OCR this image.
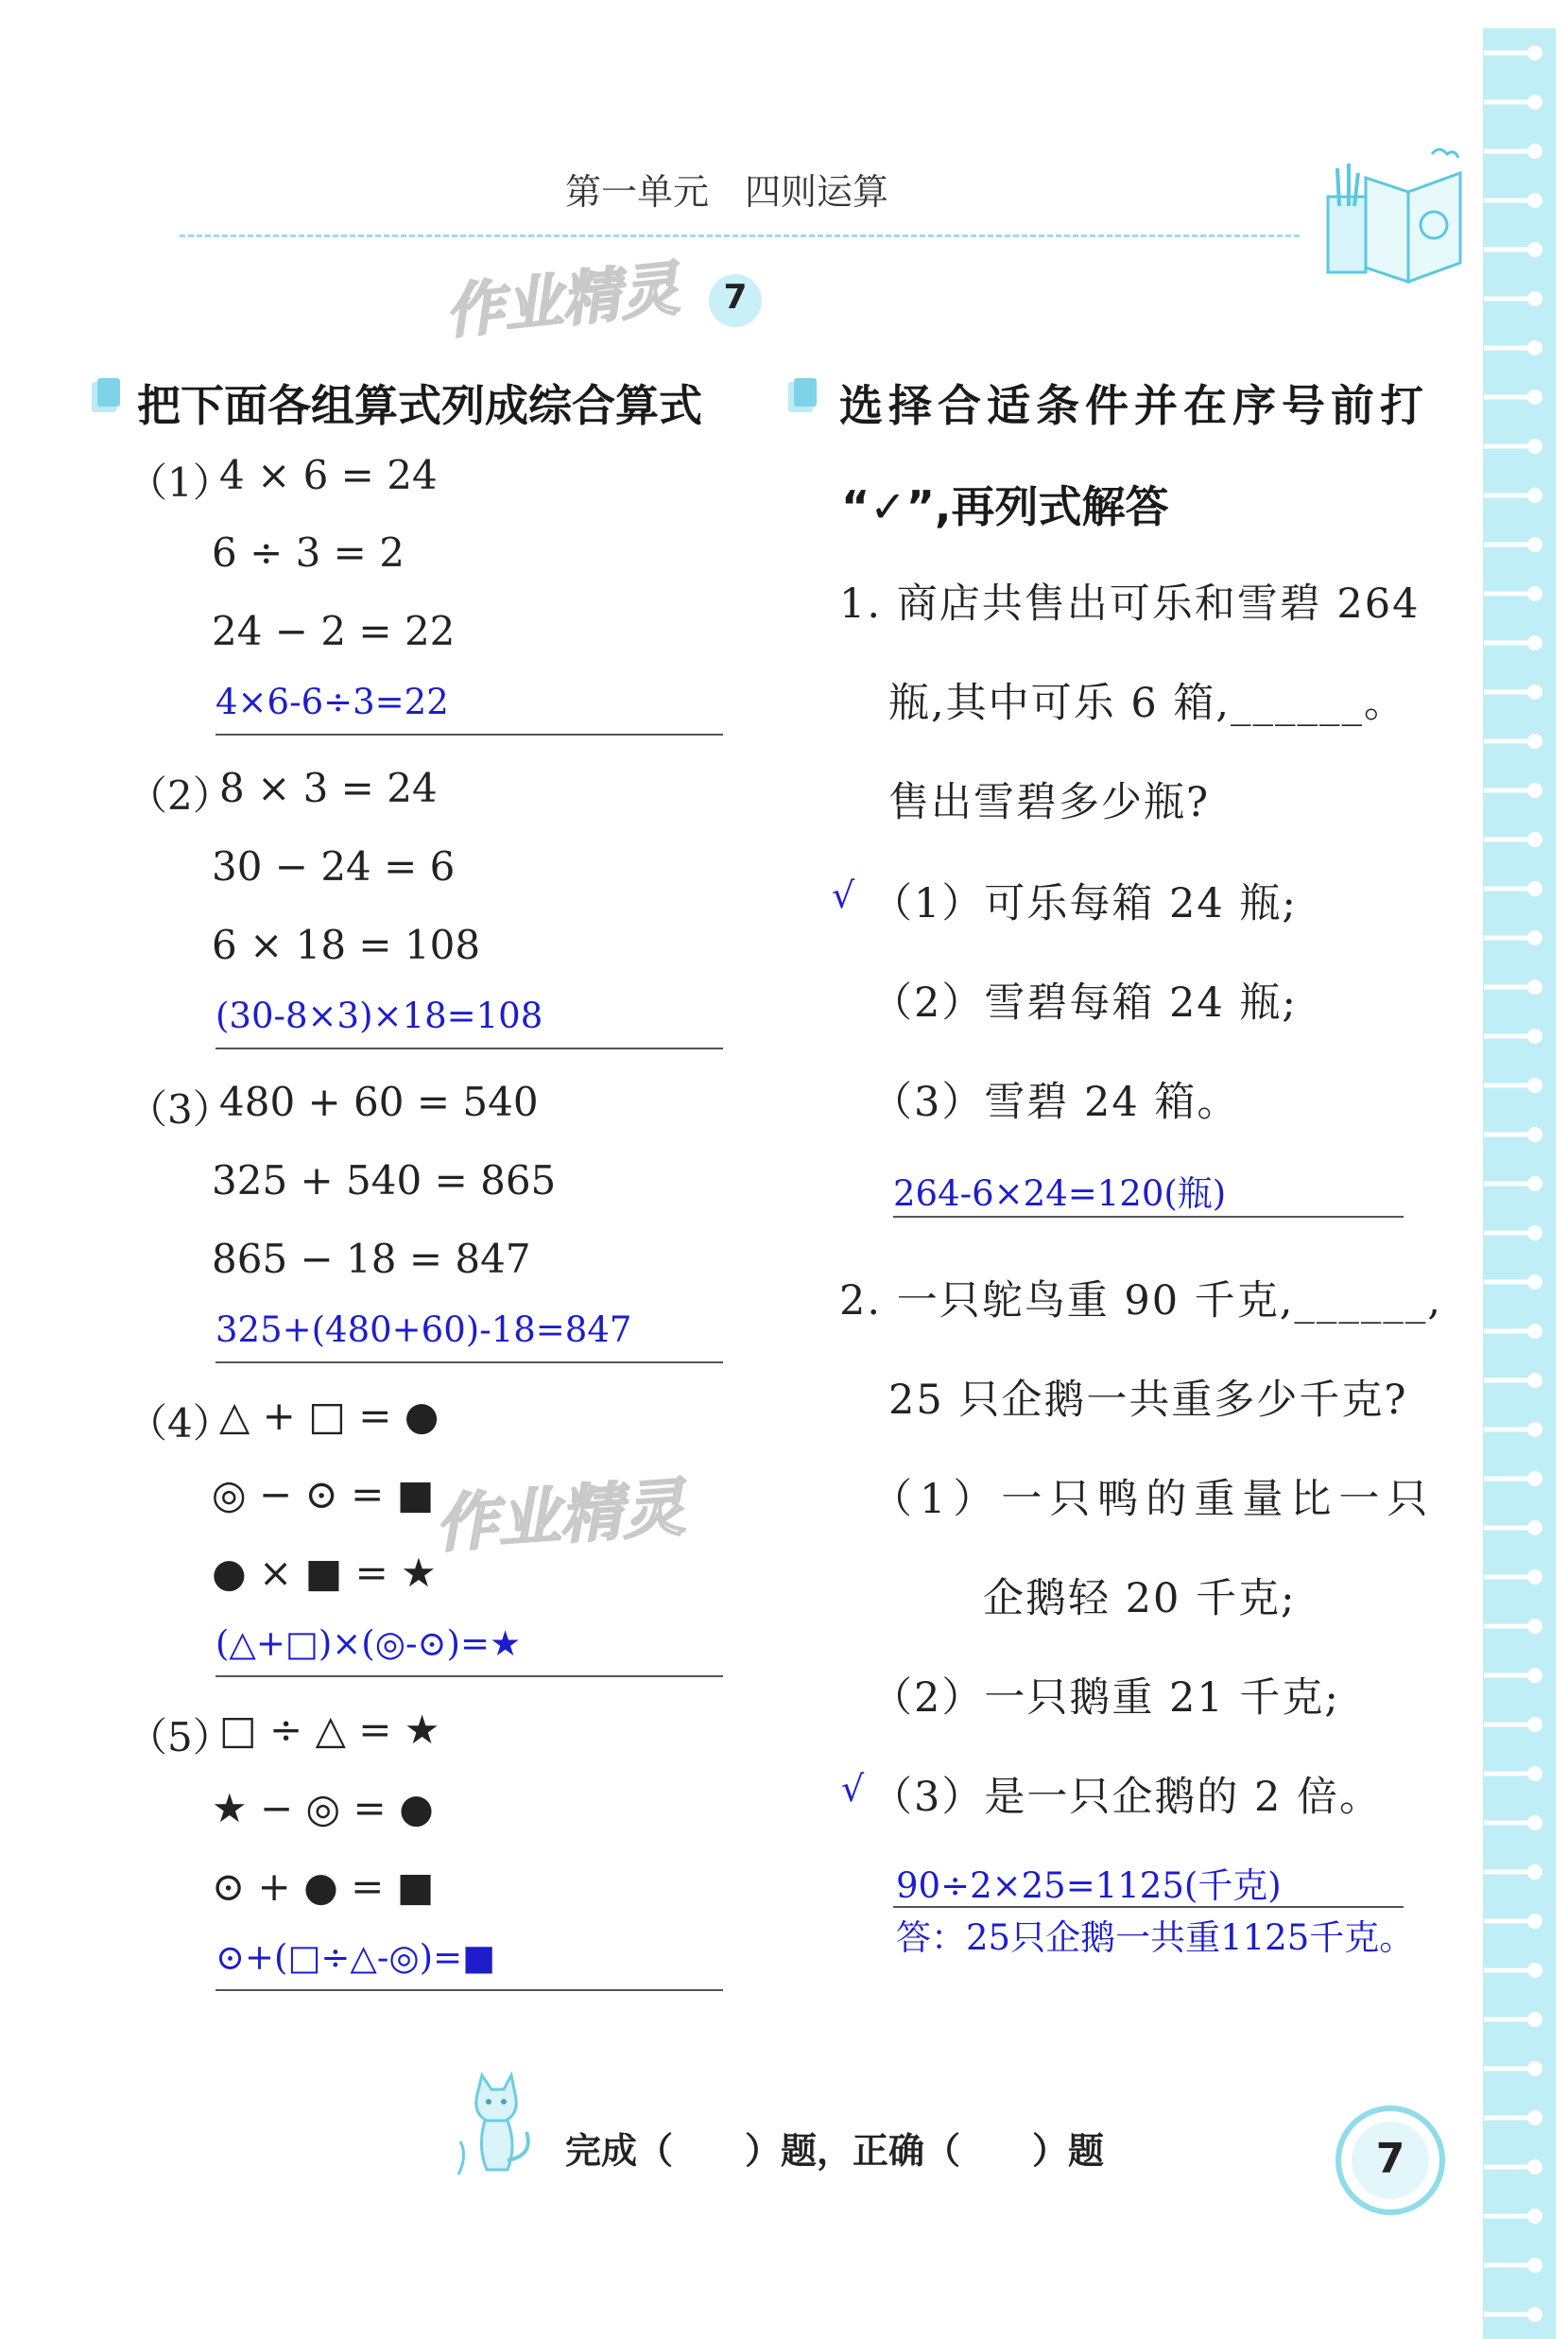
第一单元　四则运算
作业精灵	7
把下面各组算式列成综合算式
（1）
4 × 6 = 24
6 ÷ 3 = 2
24 − 2 = 22
4×6-6÷3=22
（2）
8 × 3 = 24
30 − 24 = 6
6 × 18 = 108
(30-8×3)×18=108
（3）
480 + 60 = 540
325 + 540 = 865
865 − 18 = 847
325+(480+60)-18=847
（4）
△ + □ = ●
◎ − ⊙ = ■
● × ■ = ★
(△+□)×(◎-⊙)=★
作业精灵
（5）
□ ÷ △ = ★
★ − ◎ = ●
⊙ + ● = ■
⊙+(□÷△-◎)=■
选择合适条件并在序号前打
“✓”,再列式解答
1. 商店共售出可乐和雪碧 264
瓶,其中可乐 6 箱,______。
售出雪碧多少瓶?
√ （1）可乐每箱 24 瓶;
（2）雪碧每箱 24 瓶;
（3）雪碧 24 箱。
264-6×24=120(瓶)
2. 一只鸵鸟重 90 千克,______,
25 只企鹅一共重多少千克?
（1）一只鸭的重量比一只
企鹅轻 20 千克;
（2）一只鹅重 21 千克;
√ （3）是一只企鹅的 2 倍。
90÷2×25=1125(千克)
答：25只企鹅一共重1125千克。
完成（　　）题，正确（　　）题	7
